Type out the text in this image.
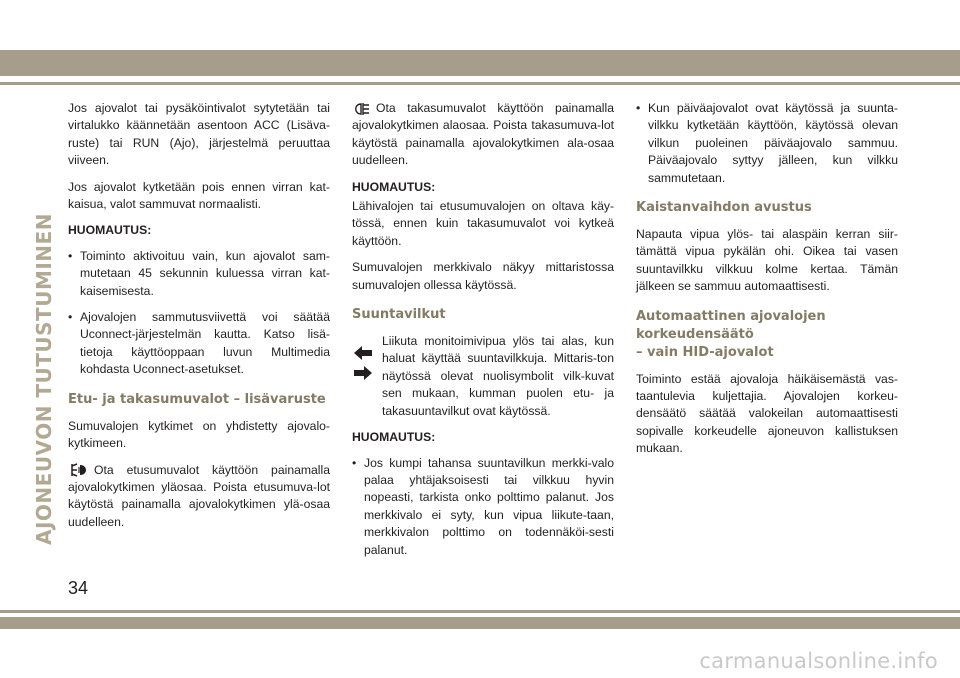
AJONEUVON TUTUSTUMINEN

Jos ajovalot tai pysäköintivalot sytytetään tai virtalukko käännetään asentoon ACC (Lisäva-ruste) tai RUN (Ajo), järjestelmä peruuttaa viiveen.

Jos ajovalot kytketään pois ennen virran kat-kaisua, valot sammuvat normaalisti.

HUOMAUTUS:

• Toiminto aktivoituu vain, kun ajovalot sam-mutetaan 45 sekunnin kuluessa virran kat-kaisemisesta.
• Ajovalojen sammutusviivettä voi säätää Uconnect-järjestelmän kautta. Katso lisä-tietoja käyttöoppaan luvun Multimedia kohdasta Uconnect-asetukset.
Etu- ja takasumuvalot – lisävaruste

Sumuvalojen kytkimet on yhdistetty ajovalo-kytkimeen.

Ota etusumuvalot käyttöön painamalla ajovalokytkimen yläosaa. Poista etusumuva-lot käytöstä painamalla ajovalokytkimen ylä-osaa uudelleen.

Ota takasumuvalot käyttöön painamalla ajovalokytkimen alaosaa. Poista takasumuva-lot käytöstä painamalla ajovalokytkimen ala-osaa uudelleen.

HUOMAUTUS:

Lähivalojen tai etusumuvalojen on oltava käy-tössä, ennen kuin takasumuvalot voi kytkeä käyttöön.

Sumuvalojen merkkivalo näkyy mittaristossa sumuvalojen ollessa käytössä.

Suuntavilkut

Liikuta monitoimivipua ylös tai alas, kun haluat käyttää suuntavilkkuja. Mittaris-ton näytössä olevat nuolisymbolit vilk-kuvat sen mukaan, kumman puolen etu- ja takasuuntavilkut ovat käytössä.

HUOMAUTUS:

• Jos kumpi tahansa suuntavilkun merkki-valo palaa yhtäjaksoisesti tai vilkkuu hyvin nopeasti, tarkista onko polttimo palanut. Jos merkkivalo ei syty, kun vipua liikute-taan, merkkivalon polttimo on todennäköi-sesti palanut.
• Kun päiväajovalot ovat käytössä ja suunta-vilkku kytketään käyttöön, käytössä olevan vilkun puoleinen päiväajovalo sammuu. Päiväajovalo syttyy jälleen, kun vilkku sammutetaan.
Kaistanvaihdon avustus

Napauta vipua ylös- tai alaspäin kerran siir-tämättä vipua pykälän ohi. Oikea tai vasen suuntavilkku vilkkuu kolme kertaa. Tämän jälkeen se sammuu automaattisesti.

Automaattinen ajovalojen korkeudensäätö
– vain HID-ajovalot

Toiminto estää ajovaloja häikäisemästä vas-taantulevia kuljettajia. Ajovalojen korkeu-densäätö säätää valokeilan automaattisesti sopivalle korkeudelle ajoneuvon kallistuksen mukaan.

34
carmanualsonline.info
